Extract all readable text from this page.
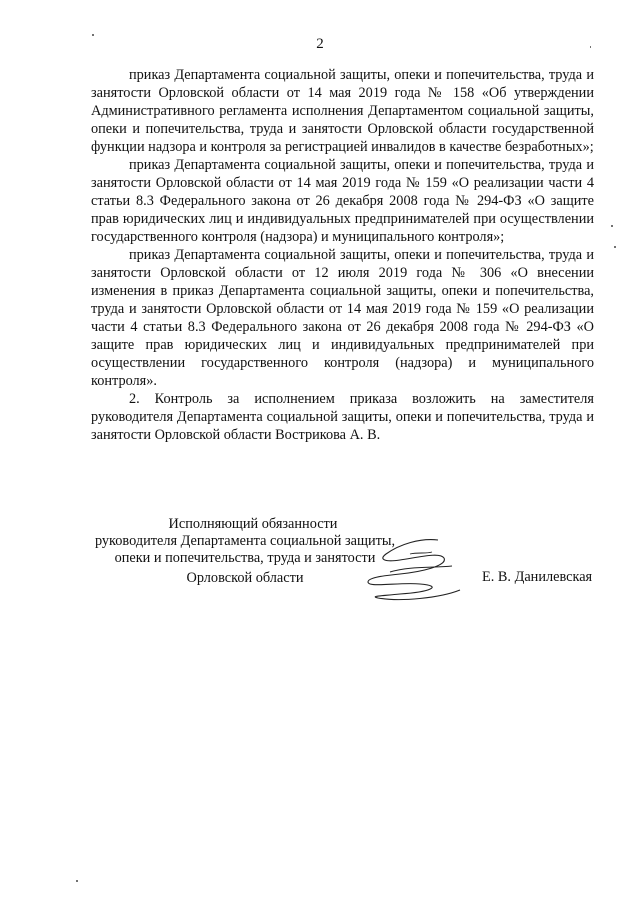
2

приказ Департамента социальной защиты, опеки и попечительства, труда и занятости Орловской области от 14 мая 2019 года № 158 «Об утверждении Административного регламента исполнения Департаментом социальной защиты, опеки и попечительства, труда и занятости Орловской области государственной функции надзора и контроля за регистрацией инвалидов в качестве безработных»;

приказ Департамента социальной защиты, опеки и попечительства, труда и занятости Орловской области от 14 мая 2019 года № 159 «О реализации части 4 статьи 8.3 Федерального закона от 26 декабря 2008 года № 294-ФЗ «О защите прав юридических лиц и индивидуальных предпринимателей при осуществлении государственного контроля (надзора) и муниципального контроля»;

приказ Департамента социальной защиты, опеки и попечительства, труда и занятости Орловской области от 12 июля 2019 года № 306 «О внесении изменения в приказ Департамента социальной защиты, опеки и попечительства, труда и занятости Орловской области от 14 мая 2019 года № 159 «О реализации части 4 статьи 8.3 Федерального закона от 26 декабря 2008 года № 294-ФЗ «О защите прав юридических лиц и индивидуальных предпринимателей при осуществлении государственного контроля (надзора) и муниципального контроля».

2. Контроль за исполнением приказа возложить на заместителя руководителя Департамента социальной защиты, опеки и попечительства, труда и занятости Орловской области Вострикова А. В.

Исполняющий обязанности
руководителя Департамента социальной защиты,
опеки и попечительства, труда и занятости
Орловской области	Е. В. Данилевская
